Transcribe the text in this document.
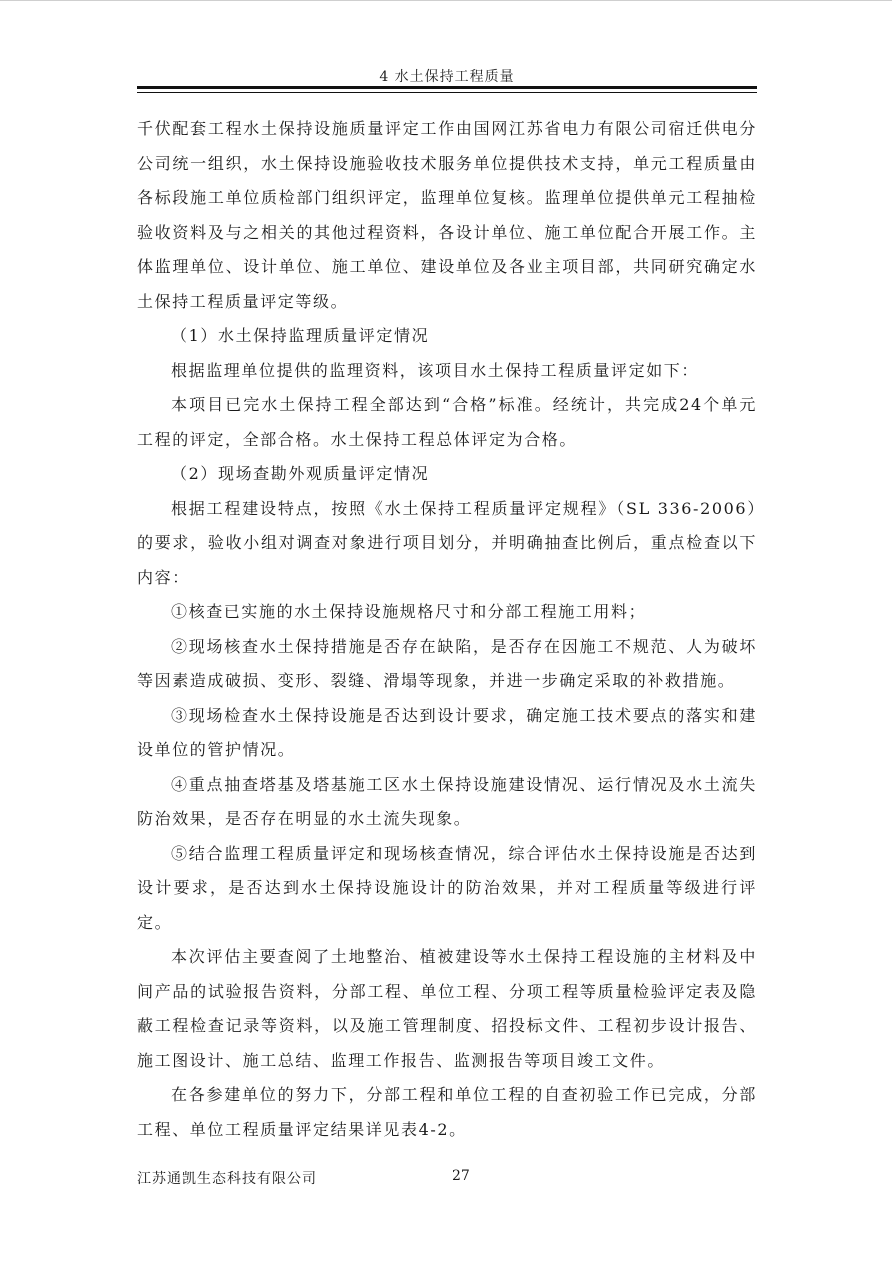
4 水土保持工程质量

千伏配套工程水土保持设施质量评定工作由国网江苏省电力有限公司宿迁供电分公司统一组织，水土保持设施验收技术服务单位提供技术支持，单元工程质量由各标段施工单位质检部门组织评定，监理单位复核。监理单位提供单元工程抽检验收资料及与之相关的其他过程资料，各设计单位、施工单位配合开展工作。主体监理单位、设计单位、施工单位、建设单位及各业主项目部，共同研究确定水土保持工程质量评定等级。

（1）水土保持监理质量评定情况

根据监理单位提供的监理资料，该项目水土保持工程质量评定如下：

本项目已完水土保持工程全部达到“合格”标准。经统计，共完成24个单元工程的评定，全部合格。水土保持工程总体评定为合格。

（2）现场查勘外观质量评定情况

根据工程建设特点，按照《水土保持工程质量评定规程》（SL 336-2006）的要求，验收小组对调查对象进行项目划分，并明确抽查比例后，重点检查以下内容：

①核查已实施的水土保持设施规格尺寸和分部工程施工用料；

②现场核查水土保持措施是否存在缺陷，是否存在因施工不规范、人为破坏等因素造成破损、变形、裂缝、滑塌等现象，并进一步确定采取的补救措施。

③现场检查水土保持设施是否达到设计要求，确定施工技术要点的落实和建设单位的管护情况。

④重点抽查塔基及塔基施工区水土保持设施建设情况、运行情况及水土流失防治效果，是否存在明显的水土流失现象。

⑤结合监理工程质量评定和现场核查情况，综合评估水土保持设施是否达到设计要求，是否达到水土保持设施设计的防治效果，并对工程质量等级进行评定。

本次评估主要查阅了土地整治、植被建设等水土保持工程设施的主材料及中间产品的试验报告资料，分部工程、单位工程、分项工程等质量检验评定表及隐蔽工程检查记录等资料，以及施工管理制度、招投标文件、工程初步设计报告、施工图设计、施工总结、监理工作报告、监测报告等项目竣工文件。

在各参建单位的努力下，分部工程和单位工程的自查初验工作已完成，分部工程、单位工程质量评定结果详见表4-2。

江苏通凯生态科技有限公司	27
